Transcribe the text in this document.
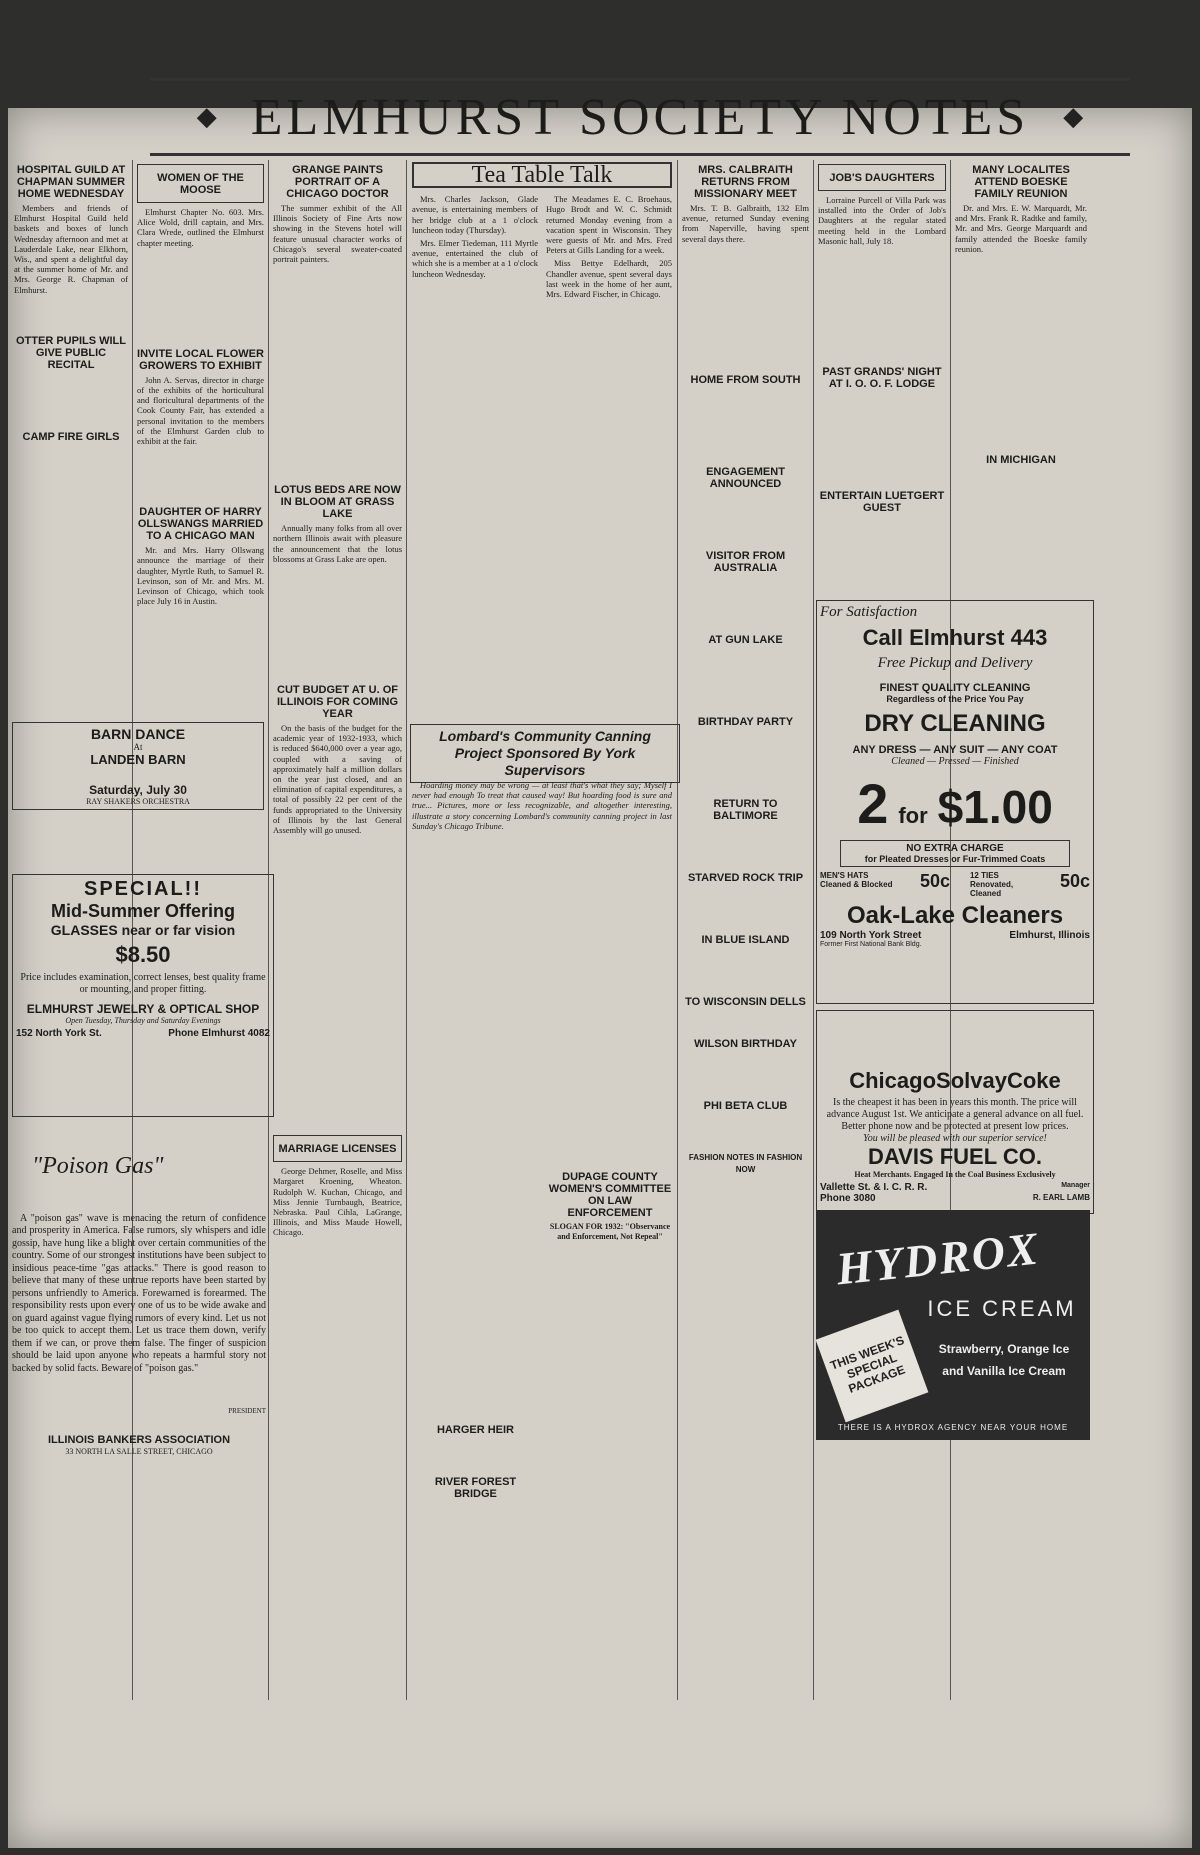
◆ ELMHURST SOCIETY NOTES ◆
HOSPITAL GUILD AT CHAPMAN SUMMER HOME WEDNESDAY

Members and friends of Elmhurst Hospital Guild held baskets and boxes of lunch Wednesday afternoon and met at Lauderdale Lake, near Elkhorn, Wis., and spent a delightful day at the summer home of Mr. and Mrs. George R. Chapman of Elmhurst.

OTTER PUPILS WILL GIVE PUBLIC RECITAL
CAMP FIRE GIRLS
BARN DANCE
At
LANDEN BARN
Saturday, July 30
RAY SHAKERS ORCHESTRA
SPECIAL!!
Mid-Summer Offering
GLASSES near or far vision
$8.50
Price includes examination, correct lenses, best quality frame or mounting, and proper fitting.
ELMHURST JEWELRY & OPTICAL SHOP
Open Tuesday, Thursday and Saturday Evenings
152 North York St.	Phone Elmhurst 4082
"Poison Gas"

A "poison gas" wave is menacing the return of confidence and prosperity in America. False rumors, sly whispers and idle gossip, have hung like a blight over certain communities of the country. Some of our strongest institutions have been subject to insidious peace-time "gas attacks." There is good reason to believe that many of these untrue reports have been started by persons unfriendly to America. Forewarned is forearmed. The responsibility rests upon every one of us to be wide awake and on guard against vague flying rumors of every kind. Let us not be too quick to accept them. Let us trace them down, verify them if we can, or prove them false. The finger of suspicion should be laid upon anyone who repeats a harmful story not backed by solid facts. Beware of "poison gas."

PRESIDENT
ILLINOIS BANKERS ASSOCIATION
33 NORTH LA SALLE STREET, CHICAGO
WOMEN OF THE MOOSE

Elmhurst Chapter No. 603. Mrs. Alice Wold, drill captain, and Mrs. Clara Wrede, outlined the Elmhurst chapter meeting.

INVITE LOCAL FLOWER GROWERS TO EXHIBIT

John A. Servas, director in charge of the exhibits of the horticultural and floricultural departments of the Cook County Fair, has extended a personal invitation to the members of the Elmhurst Garden club to exhibit at the fair.

DAUGHTER OF HARRY OLLSWANGS MARRIED TO A CHICAGO MAN

Mr. and Mrs. Harry Ollswang announce the marriage of their daughter, Myrtle Ruth, to Samuel R. Levinson, son of Mr. and Mrs. M. Levinson of Chicago, which took place July 16 in Austin.

GRANGE PAINTS PORTRAIT OF A CHICAGO DOCTOR

The summer exhibit of the All Illinois Society of Fine Arts now showing in the Stevens hotel will feature unusual character works of Chicago's several sweater-coated portrait painters.

LOTUS BEDS ARE NOW IN BLOOM AT GRASS LAKE

Annually many folks from all over northern Illinois await with pleasure the announcement that the lotus blossoms at Grass Lake are open.

CUT BUDGET AT U. OF ILLINOIS FOR COMING YEAR

On the basis of the budget for the academic year of 1932-1933, which is reduced $640,000 over a year ago, coupled with a saving of approximately half a million dollars on the year just closed, and an elimination of capital expenditures, a total of possibly 22 per cent of the funds appropriated to the University of Illinois by the last General Assembly will go unused.

MARRIAGE LICENSES

George Dehmer, Roselle, and Miss Margaret Kroening, Wheaton. Rudolph W. Kuchan, Chicago, and Miss Jennie Turnbaugh, Beatrice, Nebraska. Paul Cihla, LaGrange, Illinois, and Miss Maude Howell, Chicago.

Tea Table Talk

Mrs. Charles Jackson, Glade avenue, is entertaining members of her bridge club at a 1 o'clock luncheon today (Thursday).

Mrs. Elmer Tiedeman, 111 Myrtle avenue, entertained the club of which she is a member at a 1 o'clock luncheon Wednesday.

The Meadames E. C. Broehaus, Hugo Brodt and W. C. Schmidt returned Monday evening from a vacation spent in Wisconsin. They were guests of Mr. and Mrs. Fred Peters at Gills Landing for a week.

Miss Bettye Edelhardt, 205 Chandler avenue, spent several days last week in the home of her aunt, Mrs. Edward Fischer, in Chicago.

Lombard's Community Canning Project Sponsored By York Supervisors

Hoarding money may be wrong — at least that's what they say; Myself I never had enough To treat that caused way! But hoarding food is sure and true... Pictures, more or less recognizable, and altogether interesting, illustrate a story concerning Lombard's community canning project in last Sunday's Chicago Tribune.

DUPAGE COUNTY WOMEN'S COMMITTEE ON LAW ENFORCEMENT
SLOGAN FOR 1932: "Observance and Enforcement, Not Repeal"
MRS. CALBRAITH RETURNS FROM MISSIONARY MEET

Mrs. T. B. Galbraith, 132 Elm avenue, returned Sunday evening from Naperville, having spent several days there.

HOME FROM SOUTH
ENGAGEMENT ANNOUNCED
VISITOR FROM AUSTRALIA
AT GUN LAKE
BIRTHDAY PARTY
RETURN TO BALTIMORE
STARVED ROCK TRIP
IN BLUE ISLAND
TO WISCONSIN DELLS
WILSON BIRTHDAY
PHI BETA CLUB
FASHION NOTES IN FASHION NOW
HARGER HEIR
RIVER FOREST BRIDGE
JOB'S DAUGHTERS

Lorraine Purcell of Villa Park was installed into the Order of Job's Daughters at the regular stated meeting held in the Lombard Masonic hall, July 18.

PAST GRANDS' NIGHT AT I. O. O. F. LODGE
ENTERTAIN LUETGERT GUEST
MANY LOCALITES ATTEND BOESKE FAMILY REUNION

Dr. and Mrs. E. W. Marquardt, Mr. and Mrs. Frank R. Radtke and family, Mr. and Mrs. George Marquardt and family attended the Boeske family reunion.

IN MICHIGAN
For Satisfaction
Call Elmhurst 443
Free Pickup and Delivery
FINEST QUALITY CLEANING
Regardless of the Price You Pay
DRY CLEANING
ANY DRESS — ANY SUIT — ANY COAT
Cleaned — Pressed — Finished
2 for $1.00
NO EXTRA CHARGE
for Pleated Dresses or Fur-Trimmed Coats
MEN'S HATS Cleaned & Blocked	50c 12 TIES Renovated, Cleaned
50c
Oak-Lake Cleaners
109 North York Street	Elmhurst, Illinois
Former First National Bank Bldg.
ChicagoSolvayCoke
Is the cheapest it has been in years this month. The price will advance August 1st. We anticipate a general advance on all fuel. Better phone now and be protected at present low prices.
You will be pleased with our superior service!
DAVIS FUEL CO.
Heat Merchants. Engaged In the Coal Business Exclusively
Vallette St. & I. C. R. R.	Manager
Phone 3080	R. EARL LAMB
HYDROX
ICE CREAM
THIS WEEK'S SPECIAL PACKAGE
Strawberry, Orange Ice and Vanilla Ice Cream
THERE IS A HYDROX AGENCY NEAR YOUR HOME
